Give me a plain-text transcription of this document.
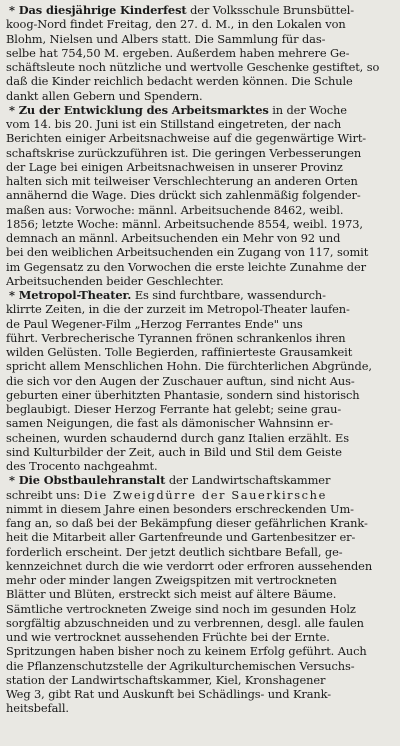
* Das diesjährige Kinderfest der Volksschule Brunsbüttel-
koog-Nord findet Freitag, den 27. d. M., in den Lokalen von
Blohm, Nielsen und Albers statt. Die Sammlung für das-
selbe hat 754,50 M. ergeben. Außerdem haben mehrere Ge-
schäftsleute noch nützliche und wertvolle Geschenke gestiftet, so
daß die Kinder reichlich bedacht werden können. Die Schule
dankt allen Gebern und Spendern.
* Zu der Entwicklung des Arbeitsmarktes in der Woche
vom 14. bis 20. Juni ist ein Stillstand eingetreten, der nach
Berichten einiger Arbeitsnachweise auf die gegenwärtige Wirt-
schaftskrise zurückzuführen ist. Die geringen Verbesserungen
der Lage bei einigen Arbeitsnachweisen in unserer Provinz
halten sich mit teilweiser Verschlechterung an anderen Orten
annähernd die Wage. Dies drückt sich zahlenmäßig folgender-
maßen aus: Vorwoche: männl. Arbeitsuchende 8462, weibl.
1856; letzte Woche: männl. Arbeitsuchende 8554, weibl. 1973,
demnach an männl. Arbeitsuchenden ein Mehr von 92 und
bei den weiblichen Arbeitsuchenden ein Zugang von 117, somit
im Gegensatz zu den Vorwochen die erste leichte Zunahme der
Arbeitsuchenden beider Geschlechter.
* Metropol-Theater. Es sind furchtbare, wassendurch-
klirrte Zeiten, in die der zurzeit im Metropol-Theater laufen-
de Paul Wegener-Film „Herzog Ferrantes Ende" uns
führt. Verbrecherische Tyrannen frönen schrankenlos ihren
wilden Gelüsten. Tolle Begierden, raffinierteste Grausamkeit
spricht allem Menschlichen Hohn. Die fürchterlichen Abgründe,
die sich vor den Augen der Zuschauer auftun, sind nicht Aus-
geburten einer überhitzten Phantasie, sondern sind historisch
beglaubigt. Dieser Herzog Ferrante hat gelebt; seine grau-
samen Neigungen, die fast als dämonischer Wahnsinn er-
scheinen, wurden schaudernd durch ganz Italien erzählt. Es
sind Kulturbilder der Zeit, auch in Bild und Stil dem Geiste
des Trocento nachgeahmt.
* Die Obstbaulehranstalt der Landwirtschaftskammer
schreibt uns: Die Zweigdürre der Sauerkirsche
nimmt in diesem Jahre einen besonders erschreckenden Um-
fang an, so daß bei der Bekämpfung dieser gefährlichen Krank-
heit die Mitarbeit aller Gartenfreunde und Gartenbesitzer er-
forderlich erscheint. Der jetzt deutlich sichtbare Befall, ge-
kennzeichnet durch die wie verdorrt oder erfroren aussehenden
mehr oder minder langen Zweigspitzen mit vertrockneten
Blätter und Blüten, erstreckt sich meist auf ältere Bäume.
Sämtliche vertrockneten Zweige sind noch im gesunden Holz
sorgfältig abzuschneiden und zu verbrennen, desgl. alle faulen
und wie vertrocknet aussehenden Früchte bei der Ernte.
Spritzungen haben bisher noch zu keinem Erfolg geführt. Auch
die Pflanzenschutzstelle der Agrikulturchemischen Versuchs-
station der Landwirtschaftskammer, Kiel, Kronshagener
Weg 3, gibt Rat und Auskunft bei Schädlings- und Krank-
heitsbefall.
